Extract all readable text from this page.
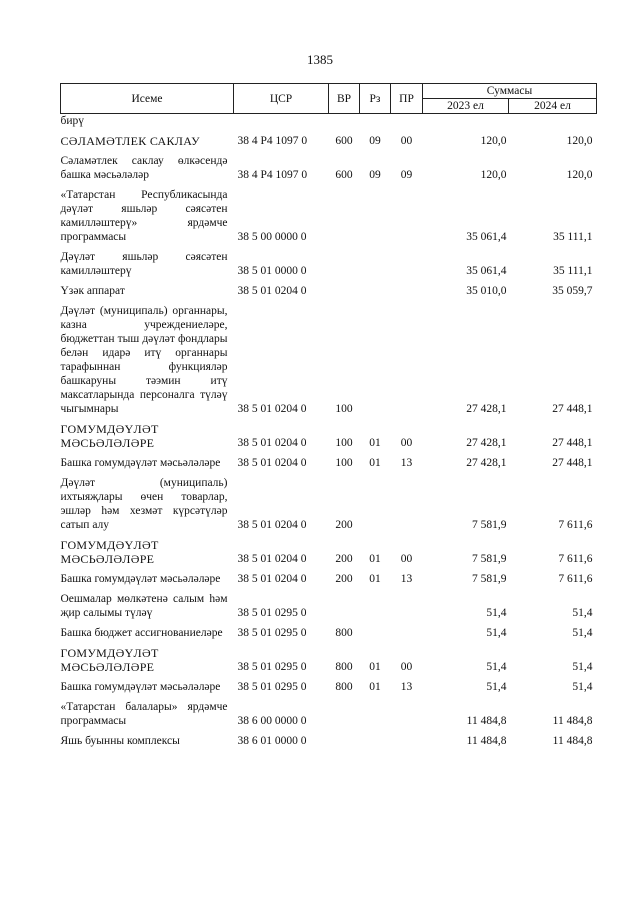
1385
Исеме	ЦСР	ВР	Рз	ПР	Суммасы	
					2023 ел	2024 ел
бирү						
СӘЛАМӘТЛЕК САКЛАУ	38 4 Р4 1097 0	600	09	00	120,0	120,0
Сәламәтлек саклау өлкәсендә башка мәсьәләләр	38 4 Р4 1097 0	600	09	09	120,0	120,0
«Татарстан Республикасында дәүләт яшьләр сәясәтен камилләштерү» ярдәмче программасы	38 5 00 0000 0				35 061,4	35 111,1
Дәүләт яшьләр сәясәтен камилләштерү	38 5 01 0000 0				35 061,4	35 111,1
Үзәк аппарат	38 5 01 0204 0				35 010,0	35 059,7
Дәүләт (муниципаль) органнары, казна учреждениеләре, бюджеттан тыш дәүләт фондлары белән идарә итү органнары тарафыннан функцияләр башкаруны тәэмин итү максатларында персоналга түләү чыгымнары	38 5 01 0204 0	100			27 428,1	27 448,1
ГОМУМДӘҮЛӘТ МӘСЬӘЛӘЛӘРЕ	38 5 01 0204 0	100	01	00	27 428,1	27 448,1
Башка гомумдәүләт мәсьәләләре	38 5 01 0204 0	100	01	13	27 428,1	27 448,1
Дәүләт (муниципаль) ихтыяҗлары өчен товарлар, эшләр һәм хезмәт күрсәтүләр сатып алу	38 5 01 0204 0	200			7 581,9	7 611,6
ГОМУМДӘҮЛӘТ МӘСЬӘЛӘЛӘРЕ	38 5 01 0204 0	200	01	00	7 581,9	7 611,6
Башка гомумдәүләт мәсьәләләре	38 5 01 0204 0	200	01	13	7 581,9	7 611,6
Оешмалар мөлкәтенә салым һәм җир салымы түләү	38 5 01 0295 0				51,4	51,4
Башка бюджет ассигнованиеләре	38 5 01 0295 0	800			51,4	51,4
ГОМУМДӘҮЛӘТ МӘСЬӘЛӘЛӘРЕ	38 5 01 0295 0	800	01	00	51,4	51,4
Башка гомумдәүләт мәсьәләләре	38 5 01 0295 0	800	01	13	51,4	51,4
«Татарстан балалары» ярдәмче программасы	38 6 00 0000 0				11 484,8	11 484,8
Яшь буынны комплексы	38 6 01 0000 0				11 484,8	11 484,8
